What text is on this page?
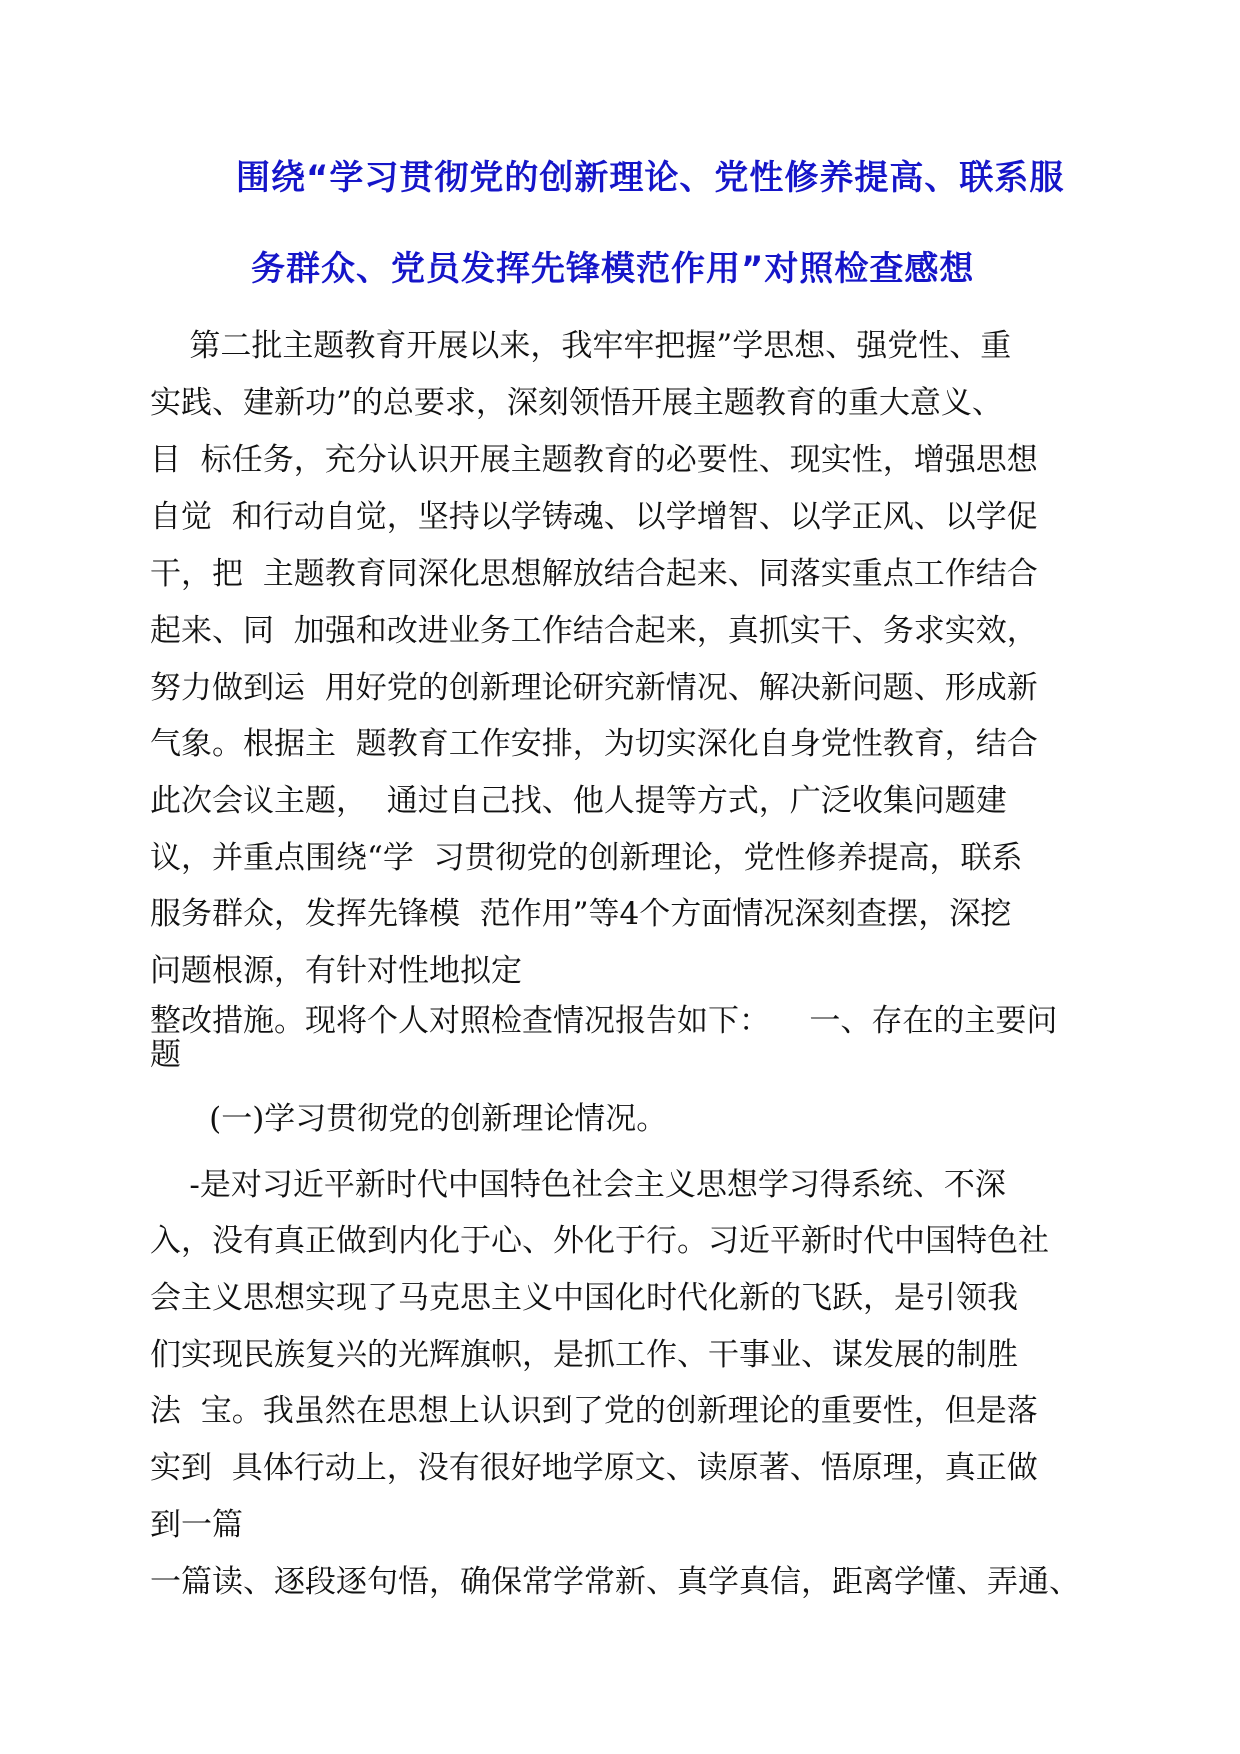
围绕“学习贯彻党的创新理论、党性修养提高、联系服
务群众、党员发挥先锋模范作用”对照检查感想
第二批主题教育开展以来，我牢牢把握”学思想、强党性、重
实践、建新功”的总要求，深刻领悟开展主题教育的重大意义、
目  标任务，充分认识开展主题教育的必要性、现实性，增强思想
自觉  和行动自觉，坚持以学铸魂、以学增智、以学正风、以学促
干，把  主题教育同深化思想解放结合起来、同落实重点工作结合
起来、同  加强和改进业务工作结合起来，真抓实干、务求实效，
努力做到运  用好党的创新理论研究新情况、解决新问题、形成新
气象。根据主  题教育工作安排，为切实深化自身党性教育，结合
此次会议主题，  通过自己找、他人提等方式，广泛收集问题建
议，并重点围绕“学  习贯彻党的创新理论，党性修养提高，联系
服务群众，发挥先锋模  范作用”等4个方面情况深刻查摆，深挖
问题根源，有针对性地拟定
整改措施。现将个人对照检查情况报告如下：    一、存在的主要问
题
(一)学习贯彻党的创新理论情况。
-是对习近平新时代中国特色社会主义思想学习得系统、不深
入，没有真正做到内化于心、外化于行。习近平新时代中国特色社
会主义思想实现了马克思主义中国化时代化新的飞跃，是引领我
们实现民族复兴的光辉旗帜，是抓工作、干事业、谋发展的制胜
法  宝。我虽然在思想上认识到了党的创新理论的重要性，但是落
实到  具体行动上，没有很好地学原文、读原著、悟原理，真正做
到一篇
一篇读、逐段逐句悟，确保常学常新、真学真信，距离学懂、弄通、
